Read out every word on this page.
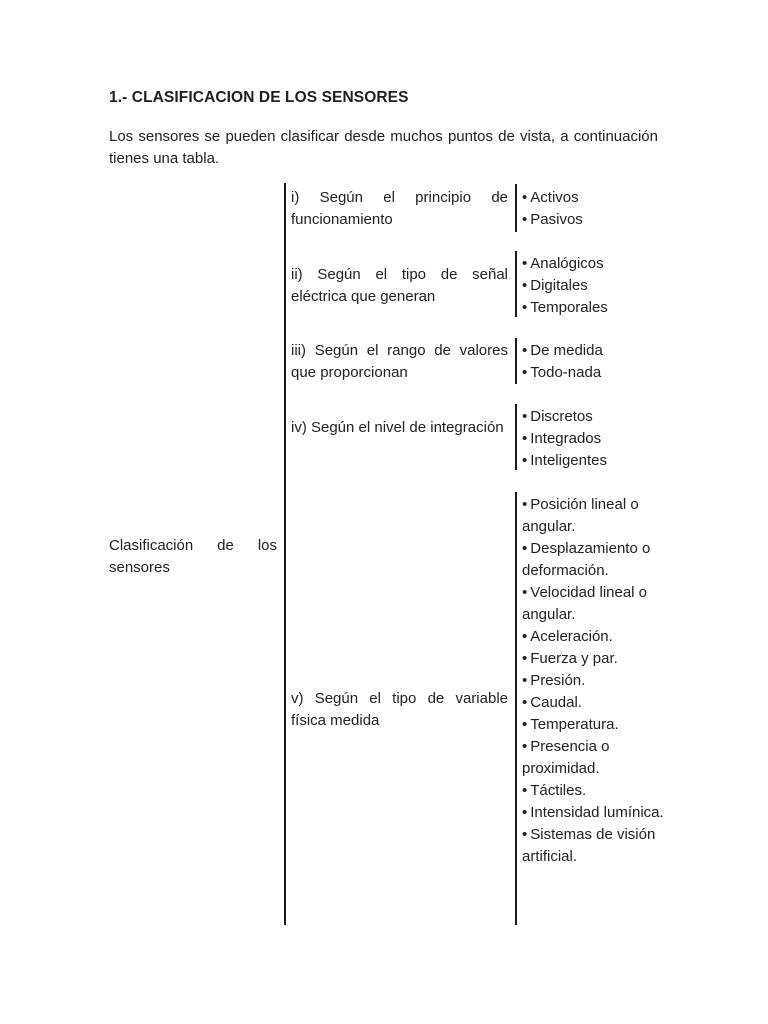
1.- CLASIFICACION DE LOS SENSORES
Los sensores se pueden clasificar desde muchos puntos de vista, a continuación tienes una tabla.
Clasificación de los sensores
i) Según el principio de funcionamiento
• Activos
• Pasivos
ii) Según el tipo de señal eléctrica que generan
• Analógicos
• Digitales
• Temporales
iii) Según el rango de valores que proporcionan
• De medida
• Todo-nada
iv) Según el nivel de integración
• Discretos
• Integrados
• Inteligentes
v) Según el tipo de variable física medida
• Posición lineal o angular.
• Desplazamiento o deformación.
• Velocidad lineal o angular.
• Aceleración.
• Fuerza y par.
• Presión.
• Caudal.
• Temperatura.
• Presencia o proximidad.
• Táctiles.
• Intensidad lumínica.
• Sistemas de visión artificial.
